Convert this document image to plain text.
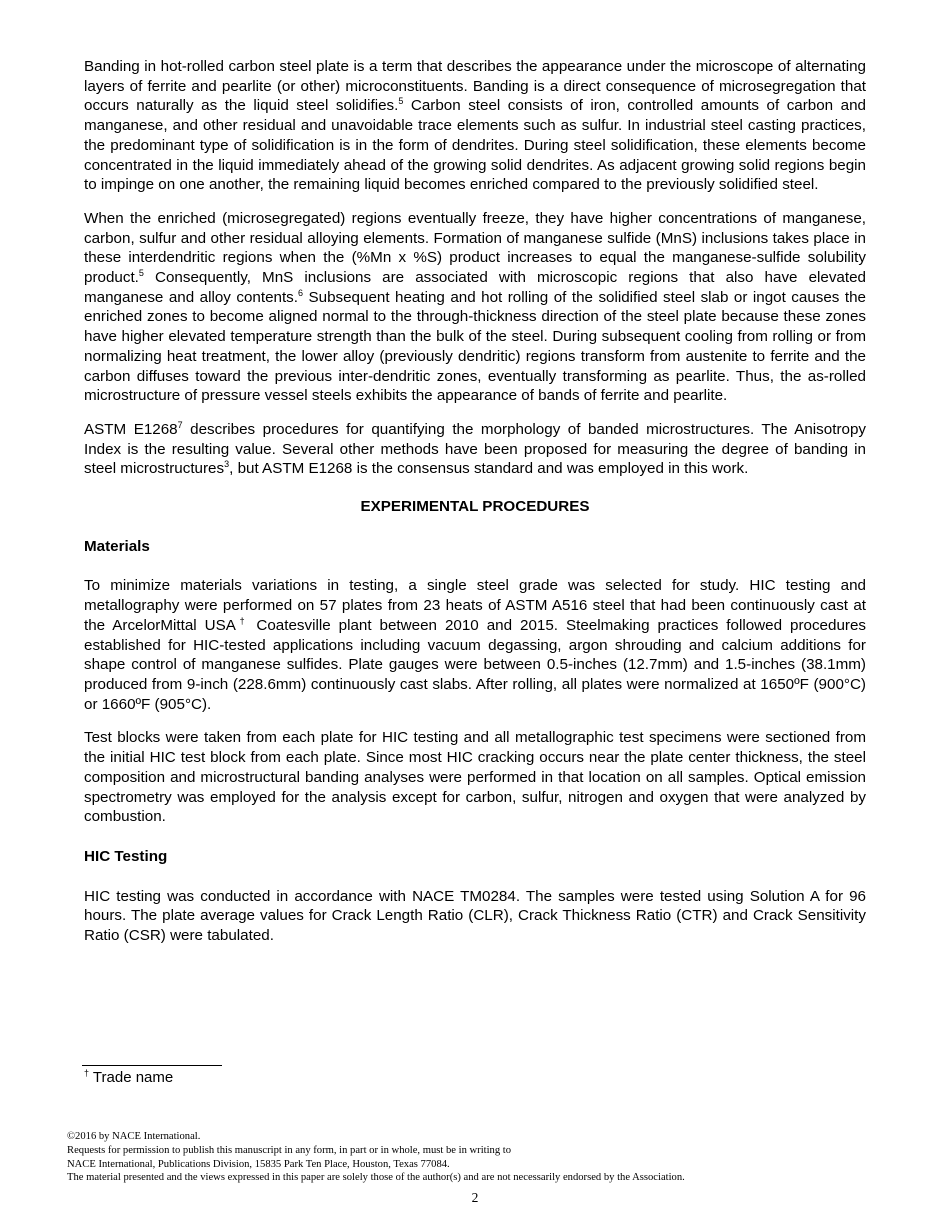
Banding in hot-rolled carbon steel plate is a term that describes the appearance under the microscope of alternating layers of ferrite and pearlite (or other) microconstituents. Banding is a direct consequence of microsegregation that occurs naturally as the liquid steel solidifies.$^5$ Carbon steel consists of iron, controlled amounts of carbon and manganese, and other residual and unavoidable trace elements such as sulfur. In industrial steel casting practices, the predominant type of solidification is in the form of dendrites. During steel solidification, these elements become concentrated in the liquid immediately ahead of the growing solid dendrites. As adjacent growing solid regions begin to impinge on one another, the remaining liquid becomes enriched compared to the previously solidified steel.

When the enriched (microsegregated) regions eventually freeze, they have higher concentrations of manganese, carbon, sulfur and other residual alloying elements. Formation of manganese sulfide (MnS) inclusions takes place in these interdendritic regions when the (%Mn x %S) product increases to equal the manganese-sulfide solubility product.$^5$ Consequently, MnS inclusions are associated with microscopic regions that also have elevated manganese and alloy contents.$^6$ Subsequent heating and hot rolling of the solidified steel slab or ingot causes the enriched zones to become aligned normal to the through-thickness direction of the steel plate because these zones have higher elevated temperature strength than the bulk of the steel. During subsequent cooling from rolling or from normalizing heat treatment, the lower alloy (previously dendritic) regions transform from austenite to ferrite and the carbon diffuses toward the previous inter-dendritic zones, eventually transforming as pearlite. Thus, the as-rolled microstructure of pressure vessel steels exhibits the appearance of bands of ferrite and pearlite.

ASTM E1268$^7$ describes procedures for quantifying the morphology of banded microstructures. The Anisotropy Index is the resulting value. Several other methods have been proposed for measuring the degree of banding in steel microstructures$^3$, but ASTM E1268 is the consensus standard and was employed in this work.

EXPERIMENTAL PROCEDURES
Materials

To minimize materials variations in testing, a single steel grade was selected for study. HIC testing and metallography were performed on 57 plates from 23 heats of ASTM A516 steel that had been continuously cast at the ArcelorMittal USA† Coatesville plant between 2010 and 2015. Steelmaking practices followed procedures established for HIC-tested applications including vacuum degassing, argon shrouding and calcium additions for shape control of manganese sulfides. Plate gauges were between 0.5-inches (12.7mm) and 1.5-inches (38.1mm) produced from 9-inch (228.6mm) continuously cast slabs. After rolling, all plates were normalized at 1650ºF (900°C) or 1660ºF (905°C).

Test blocks were taken from each plate for HIC testing and all metallographic test specimens were sectioned from the initial HIC test block from each plate. Since most HIC cracking occurs near the plate center thickness, the steel composition and microstructural banding analyses were performed in that location on all samples. Optical emission spectrometry was employed for the analysis except for carbon, sulfur, nitrogen and oxygen that were analyzed by combustion.

HIC Testing

HIC testing was conducted in accordance with NACE TM0284. The samples were tested using Solution A for 96 hours. The plate average values for Crack Length Ratio (CLR), Crack Thickness Ratio (CTR) and Crack Sensitivity Ratio (CSR) were tabulated.

† Trade name
©2016 by NACE International.
Requests for permission to publish this manuscript in any form, in part or in whole, must be in writing to
NACE International, Publications Division, 15835 Park Ten Place, Houston, Texas 77084.
The material presented and the views expressed in this paper are solely those of the author(s) and are not necessarily endorsed by the Association.
2
